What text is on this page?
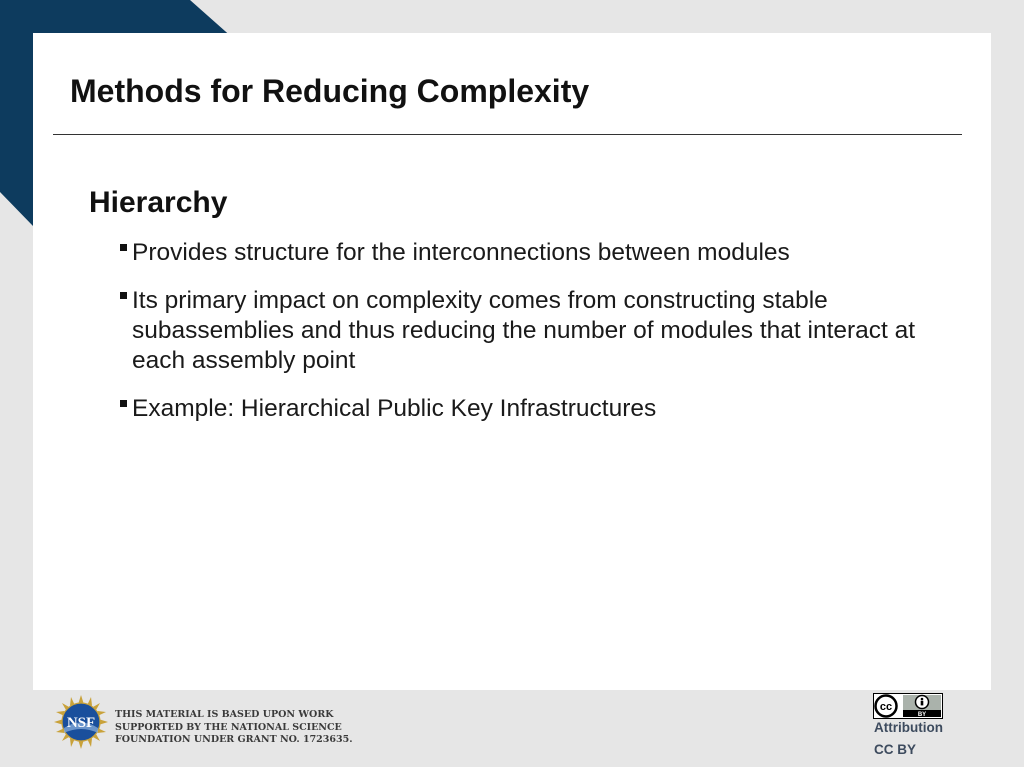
Methods for Reducing Complexity
Hierarchy
Provides structure for the interconnections between modules
Its primary impact on complexity comes from constructing stable subassemblies and thus reducing the number of modules that interact at each assembly point
Example: Hierarchical Public Key Infrastructures
NSF
THIS MATERIAL IS BASED UPON WORK
SUPPORTED BY THE NATIONAL SCIENCE
FOUNDATION UNDER GRANT NO. 1723635.
cc
BY
Attribution
CC BY
